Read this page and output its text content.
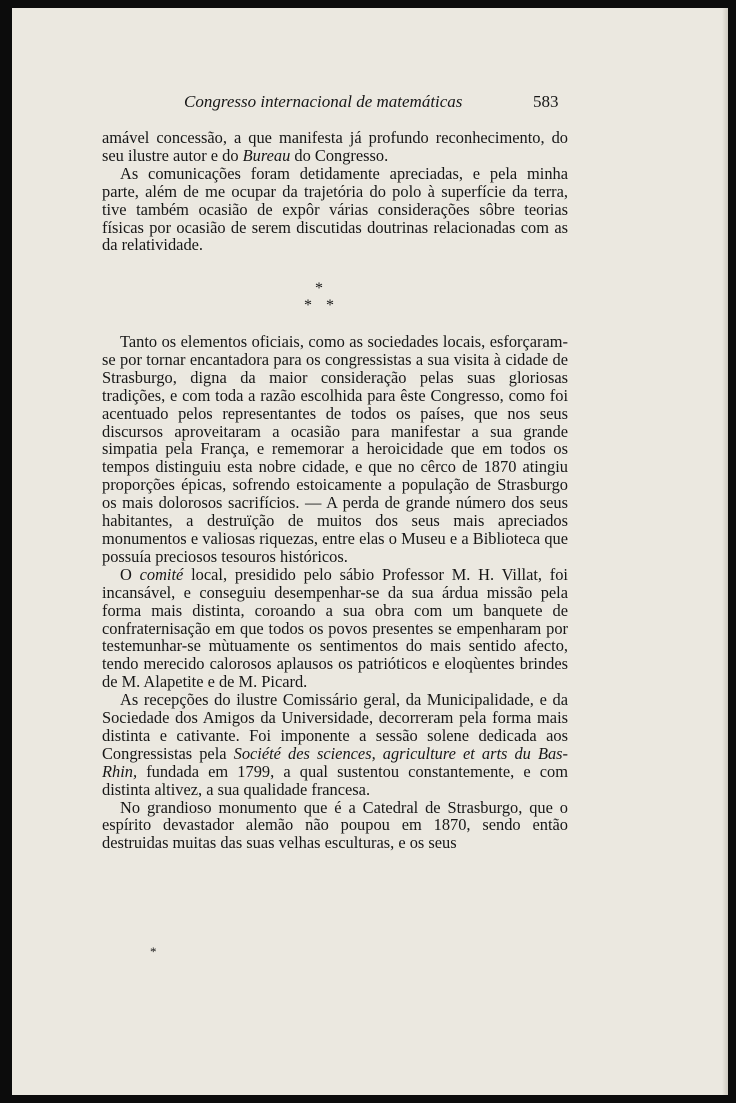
Congresso internacional de matemáticas	583

amável concessão, a que manifesta já profundo reconhecimento, do seu ilustre autor e do Bureau do Congresso.

As comunicações foram detidamente apreciadas, e pela minha parte, além de me ocupar da trajetória do polo à superfície da terra, tive também ocasião de expôr várias considerações sôbre teorias físicas por ocasião de serem discutidas doutrinas relacionadas com as da relatividade.

*
* *

Tanto os elementos oficiais, como as sociedades locais, esforçaram-se por tornar encantadora para os congressistas a sua visita à cidade de Strasburgo, digna da maior consideração pelas suas gloriosas tradições, e com toda a razão escolhida para êste Congresso, como foi acentuado pelos representantes de todos os países, que nos seus discursos aproveitaram a ocasião para manifestar a sua grande simpatia pela França, e rememorar a heroicidade que em todos os tempos distinguiu esta nobre cidade, e que no cêrco de 1870 atingiu proporções épicas, sofrendo estoicamente a população de Strasburgo os mais dolorosos sacrifícios. — A perda de grande número dos seus habitantes, a destruïção de muitos dos seus mais apreciados monumentos e valiosas riquezas, entre elas o Museu e a Biblioteca que possuía preciosos tesouros históricos.

O comité local, presidido pelo sábio Professor M. H. Villat, foi incansável, e conseguiu desempenhar-se da sua árdua missão pela forma mais distinta, coroando a sua obra com um banquete de confraternisação em que todos os povos presentes se empenharam por testemunhar-se mùtuamente os sentimentos do mais sentido afecto, tendo merecido calorosos aplausos os patrióticos e eloqùentes brindes de M. Alapetite e de M. Picard.

As recepções do ilustre Comissário geral, da Municipalidade, e da Sociedade dos Amigos da Universidade, decorreram pela forma mais distinta e cativante. Foi imponente a sessão solene dedicada aos Congressistas pela Société des sciences, agriculture et arts du Bas-Rhin, fundada em 1799, a qual sustentou constantemente, e com distinta altivez, a sua qualidade francesa.

No grandioso monumento que é a Catedral de Strasburgo, que o espírito devastador alemão não poupou em 1870, sendo então destruidas muitas das suas velhas esculturas, e os seus

*
